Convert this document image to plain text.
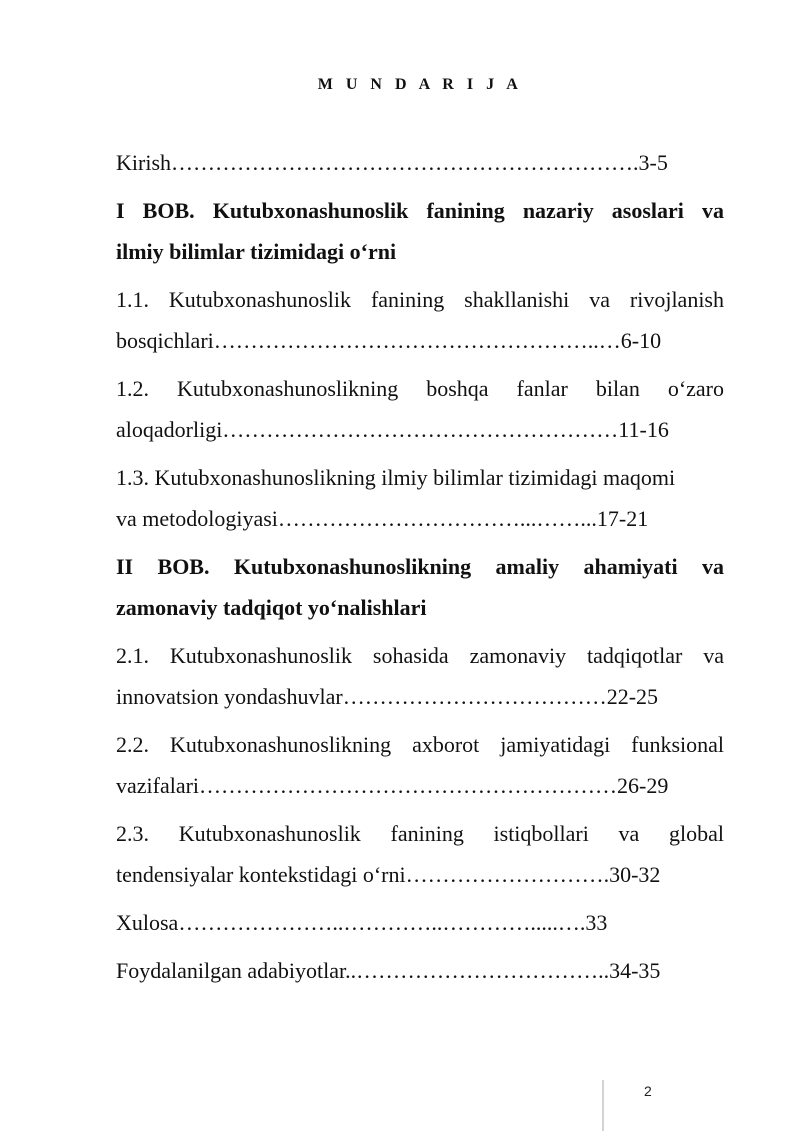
M U N D A R I J A
Kirish……………………………………………………….3-5
I BOB. Kutubxonashunoslik fanining nazariy asoslari va
ilmiy bilimlar tizimidagi o‘rni
1.1. Kutubxonashunoslik fanining shakllanishi va rivojlanish
bosqichlari……………………………………………..…6-10
1.2. Kutubxonashunoslikning boshqa fanlar bilan o‘zaro
aloqadorligi………………………………………………11-16
1.3. Kutubxonashunoslikning ilmiy bilimlar tizimidagi maqomi
va metodologiyasi……………………………...……...17-21
II BOB. Kutubxonashunoslikning amaliy ahamiyati va
zamonaviy tadqiqot yo‘nalishlari
2.1. Kutubxonashunoslik sohasida zamonaviy tadqiqotlar va
innovatsion yondashuvlar………………………………22-25
2.2. Kutubxonashunoslikning axborot jamiyatidagi funksional
vazifalari…………………………………………………26-29
2.3. Kutubxonashunoslik fanining istiqbollari va global
tendensiyalar kontekstidagi o‘rni……………………….30-32
Xulosa…………………..…………..………….....….33
Foydalanilgan adabiyotlar..……………………………..34-35
2
